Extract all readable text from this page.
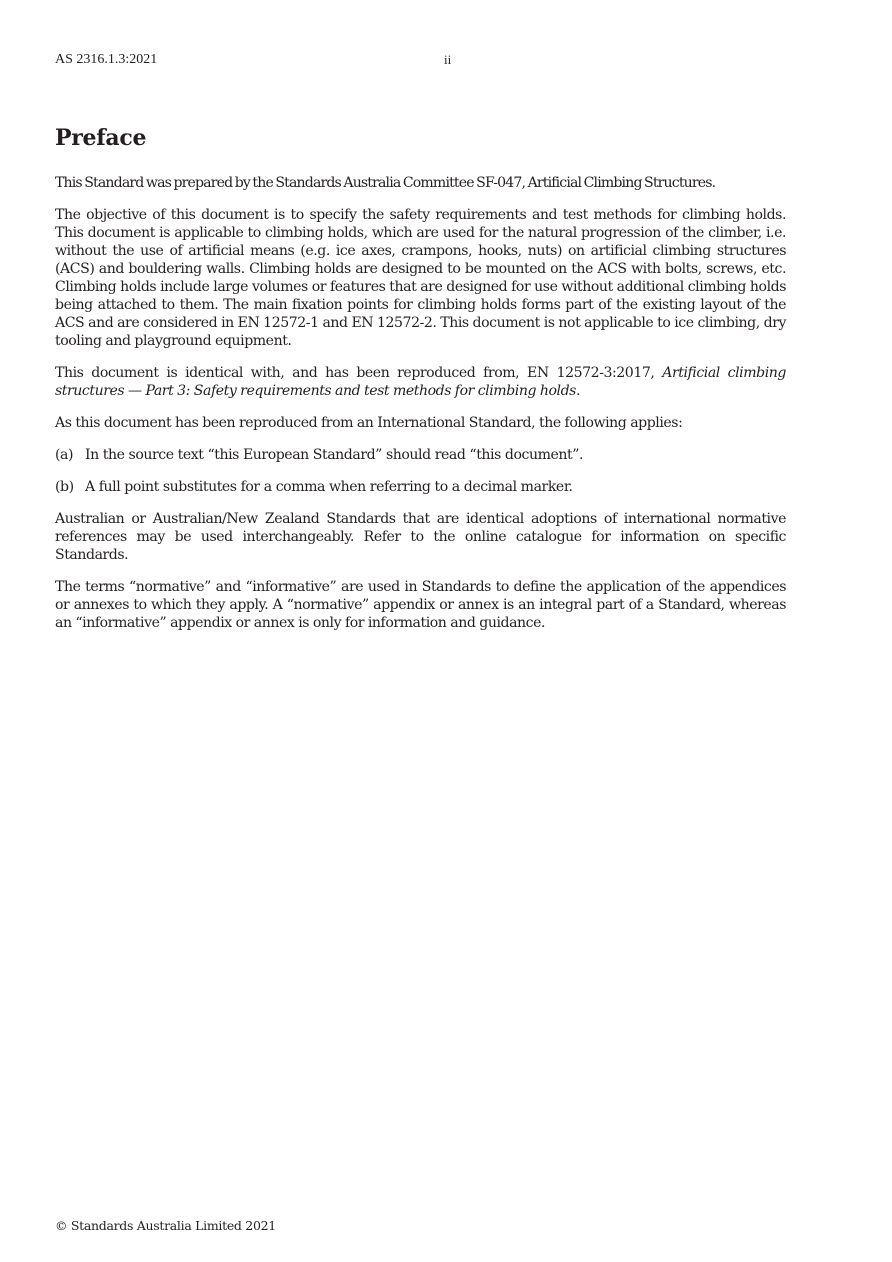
AS 2316.1.3:2021	ii
Preface

This Standard was prepared by the Standards Australia Committee SF-047, Artificial Climbing Structures.

The objective of this document is to specify the safety requirements and test methods for climbing holds. This document is applicable to climbing holds, which are used for the natural progression of the climber, i.e. without the use of artificial means (e.g. ice axes, crampons, hooks, nuts) on artificial climbing structures (ACS) and bouldering walls. Climbing holds are designed to be mounted on the ACS with bolts, screws, etc. Climbing holds include large volumes or features that are designed for use without additional climbing holds being attached to them. The main fixation points for climbing holds forms part of the existing layout of the ACS and are considered in EN 12572-1 and EN 12572-2. This document is not applicable to ice climbing, dry tooling and playground equipment.

This document is identical with, and has been reproduced from, EN 12572-3:2017, Artificial climbing structures — Part 3: Safety requirements and test methods for climbing holds.

As this document has been reproduced from an International Standard, the following applies:

(a) In the source text “this European Standard” should read “this document”.
(b) A full point substitutes for a comma when referring to a decimal marker.

Australian or Australian/New Zealand Standards that are identical adoptions of international normative references may be used interchangeably. Refer to the online catalogue for information on specific Standards.

The terms “normative” and “informative” are used in Standards to define the application of the appendices or annexes to which they apply. A “normative” appendix or annex is an integral part of a Standard, whereas an “informative” appendix or annex is only for information and guidance.

© Standards Australia Limited 2021
